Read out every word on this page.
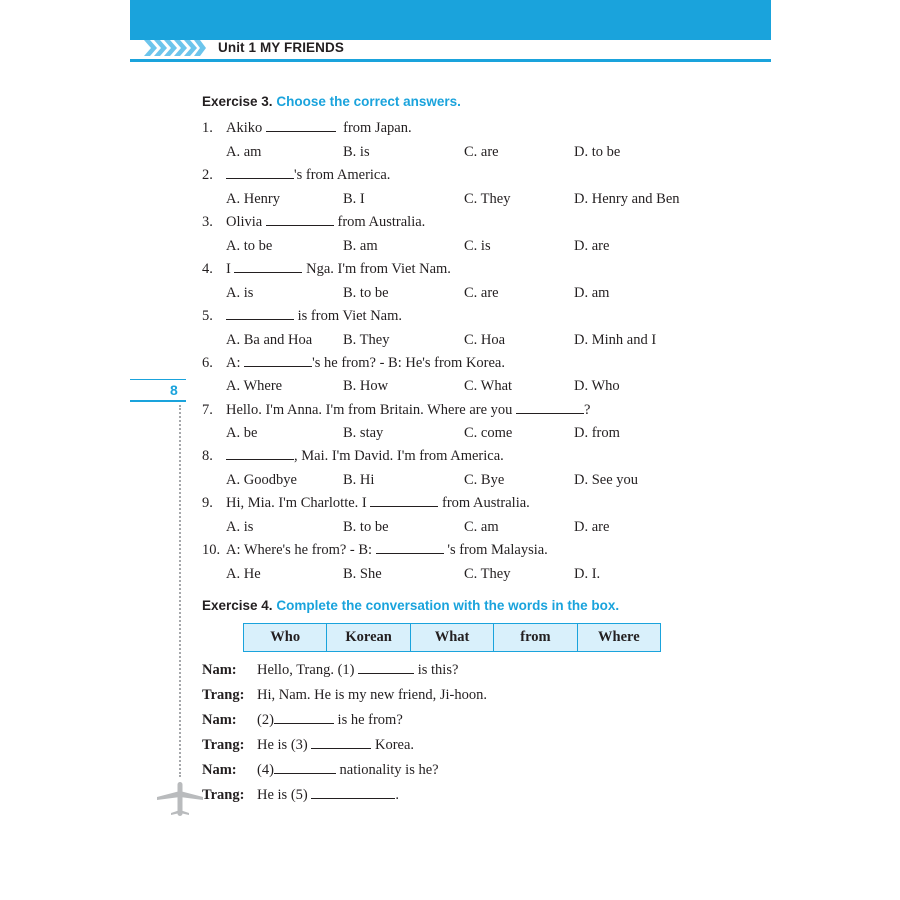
Unit 1 MY FRIENDS
Exercise 3. Choose the correct answers.
1. Akiko	from Japan.
A. am	B. is	C. are	D. to be
2.	's from America.
A. Henry	B. I	C. They	D. Henry and Ben
3. Olivia	from Australia.
A. to be	B. am	C. is	D. are
4. I	Nga. I'm from Viet Nam.
A. is	B. to be	C. are	D. am
5.	is from Viet Nam.
A. Ba and Hoa B. They	C. Hoa	D. Minh and I
6. A:	's he from? - B: He's from Korea.
A. Where	B. How	C. What	D. Who
7. Hello. I'm Anna. I'm from Britain. Where are you	?
A. be	B. stay	C. come	D. from
8.	, Mai. I'm David. I'm from America.
A. Goodbye	B. Hi	C. Bye	D. See you
9. Hi, Mia. I'm Charlotte. I	from Australia.
A. is	B. to be	C. am	D. are
10. A: Where's he from? - B:	's from Malaysia.
A. He	B. She	C. They	D. I.
Exercise 4. Complete the conversation with the words in the box.
Who	Korean	What	from	Where
Nam: Hello, Trang. (1)	is this?
Trang: Hi, Nam. He is my new friend, Ji-hoon.
Nam: (2)	is he from?
Trang: He is (3)	Korea.
Nam: (4)	nationality is he?
Trang: He is (5)	.
8
